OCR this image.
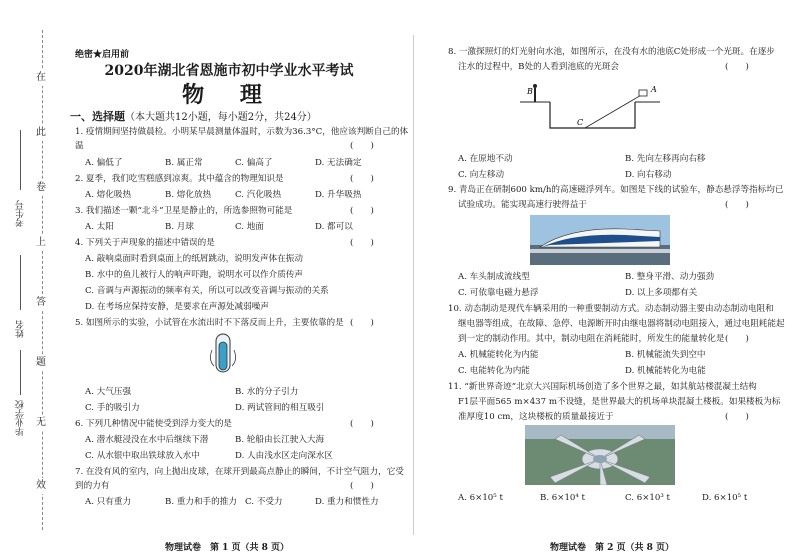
在
此
卷
上
答
题
无
效
考生号
姓名
毕业学校
绝密★启用前
2020年湖北省恩施市初中学业水平考试
物 理
一、选择题（本大题共12小题，每小题2分，共24分）
1. 疫情期间坚持做晨检。小明某早晨测量体温时，示数为36.3°C，他应该判断自己的体
温	(　　)
A. 偏低了	B. 属正常	C. 偏高了	D. 无法确定
2. 夏季，我们吃雪糕感到凉爽。其中蕴含的物理知识是	(　　)
A. 熔化吸热	B. 熔化放热	C. 汽化吸热	D. 升华吸热
3. 我们描述一颗“北斗”卫星是静止的，所选参照物可能是	(　　)
A. 太阳	B. 月球	C. 地面	D. 都可以
4. 下列关于声现象的描述中错误的是	(　　)
A. 敲响桌面时看到桌面上的纸屑跳动，说明发声体在振动
B. 水中的鱼儿被行人的响声吓跑，说明水可以作介质传声
C. 音调与声源振动的频率有关，所以可以改变音调与振动的关系
D. 在考场应保持安静，是要求在声源处减弱噪声
5. 如图所示的实验，小试管在水流出时不下落反而上升，主要依靠的是 (　　)
A. 大气压强	B. 水的分子引力
C. 手的吸引力	D. 两试管间的相互吸引
6. 下列几种情况中能使受到浮力变大的是	(　　)
A. 潜水艇浸没在水中后继续下潜	B. 轮船由长江驶入大海
C. 从水银中取出铁球放入水中	D. 人由浅水区走向深水区
7. 在没有风的室内，向上抛出皮球，在球开到最高点静止的瞬间，不计空气阻力，它受
到的力有	(　　)
A. 只有重力	B. 重力和手的推力 C. 不受力	D. 重力和惯性力
物理试卷　第 1 页（共 8 页）
8. 一激探照灯的灯光射向水池，如图所示，在没有水的池底C处形成一个光斑。在逐步
注水的过程中，B处的人看到池底的光斑会	(　　)
B	A
C
A. 在原地不动	B. 先向左移再向右移
C. 向左移动	D. 向右移动
9. 青岛正在研制600 km/h的高速磁浮列车。如图是下线的试验车，静态悬浮等指标均已
试验成功。能实现高速行驶得益于	(　　)
A. 车头制成流线型	B. 整身平滑、动力强劲
C. 可依靠电磁力悬浮	D. 以上多项都有关
10. 动态制动是现代车辆采用的一种重要制动方式。动态制动器主要由动态制动电阻和
继电器等组成，在故障、急停、电源断开时由继电器将制动电阻接入，通过电阻耗能起
到一定的制动作用。其中，制动电阻在消耗能时，所发生的能量转化是 (　　)
A. 机械能转化为内能	B. 机械能流失到空中
C. 电能转化为内能	D. 机械能转化为电能
11. “新世界奇迹”北京大兴国际机场创造了多个世界之最，如其航站楼混凝土结构
F1层平面565 m×437 m不设缝，是世界最大的机场单块混凝土楼板。如果楼板为标
准厚度10 cm，这块楼板的质量最接近于	(　　)
A. 6×10⁵ t	B. 6×10⁴ t	C. 6×10³ t	D. 6×10⁵ t
物理试卷　第 2 页（共 8 页）
